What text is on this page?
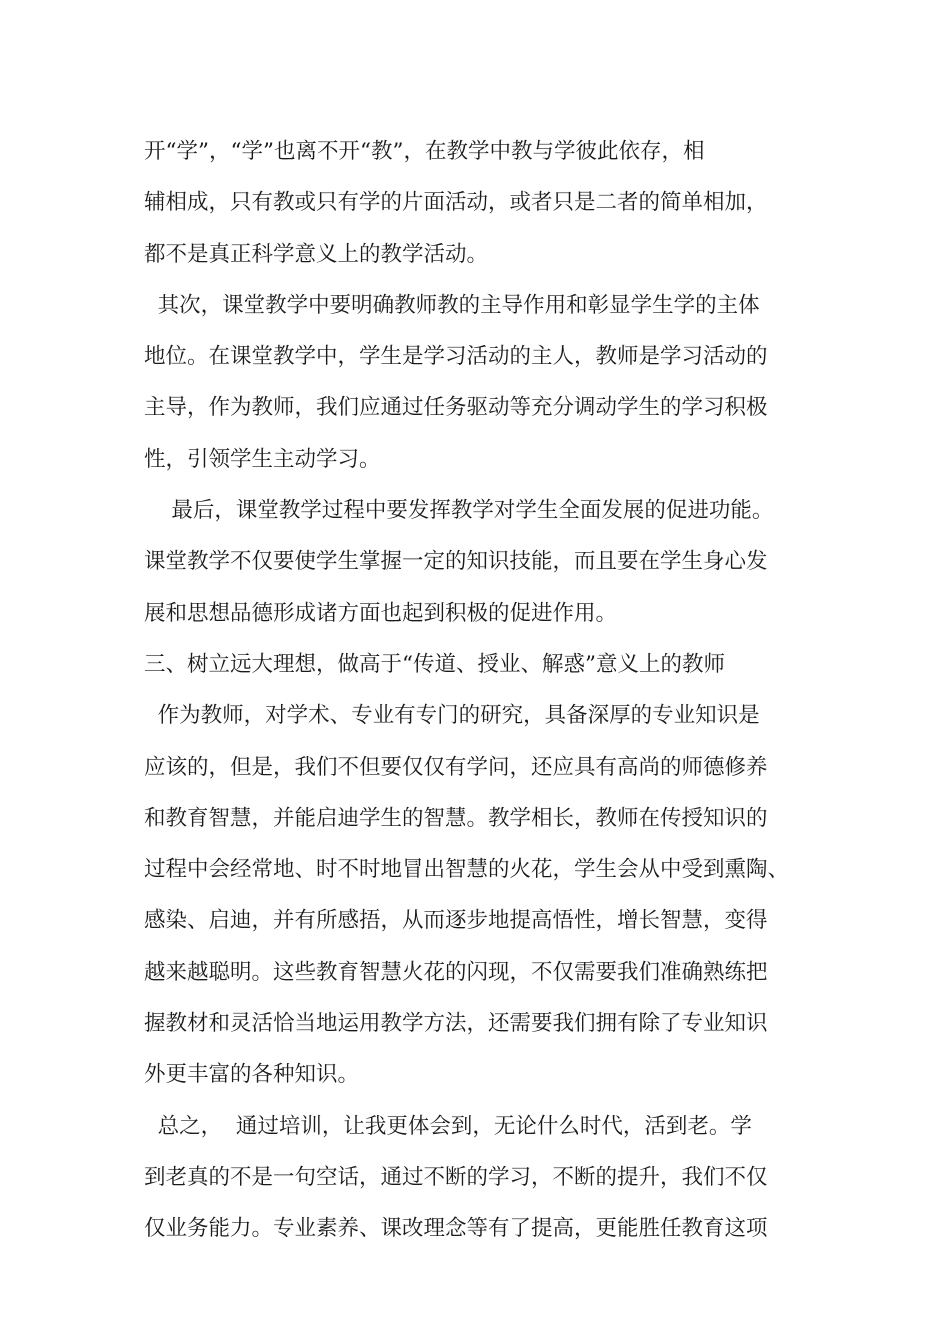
开“学”，“学”也离不开“教”，在教学中教与学彼此依存，相
辅相成，只有教或只有学的片面活动，或者只是二者的简单相加，
都不是真正科学意义上的教学活动。
其次，课堂教学中要明确教师教的主导作用和彰显学生学的主体
地位。在课堂教学中，学生是学习活动的主人，教师是学习活动的
主导，作为教师，我们应通过任务驱动等充分调动学生的学习积极
性，引领学生主动学习。
最后，课堂教学过程中要发挥教学对学生全面发展的促进功能。
课堂教学不仅要使学生掌握一定的知识技能，而且要在学生身心发
展和思想品德形成诸方面也起到积极的促进作用。
三、树立远大理想，做高于“传道、授业、解惑”意义上的教师
作为教师，对学术、专业有专门的研究，具备深厚的专业知识是
应该的，但是，我们不但要仅仅有学问，还应具有高尚的师德修养
和教育智慧，并能启迪学生的智慧。教学相长，教师在传授知识的
过程中会经常地、时不时地冒出智慧的火花，学生会从中受到熏陶、
感染、启迪，并有所感捂，从而逐步地提高悟性，增长智慧，变得
越来越聪明。这些教育智慧火花的闪现，不仅需要我们准确熟练把
握教材和灵活恰当地运用教学方法，还需要我们拥有除了专业知识
外更丰富的各种知识。
总之，  通过培训，让我更体会到，无论什么时代，活到老。学
到老真的不是一句空话，通过不断的学习，不断的提升，我们不仅
仅业务能力。专业素养、课改理念等有了提高，更能胜任教育这项
